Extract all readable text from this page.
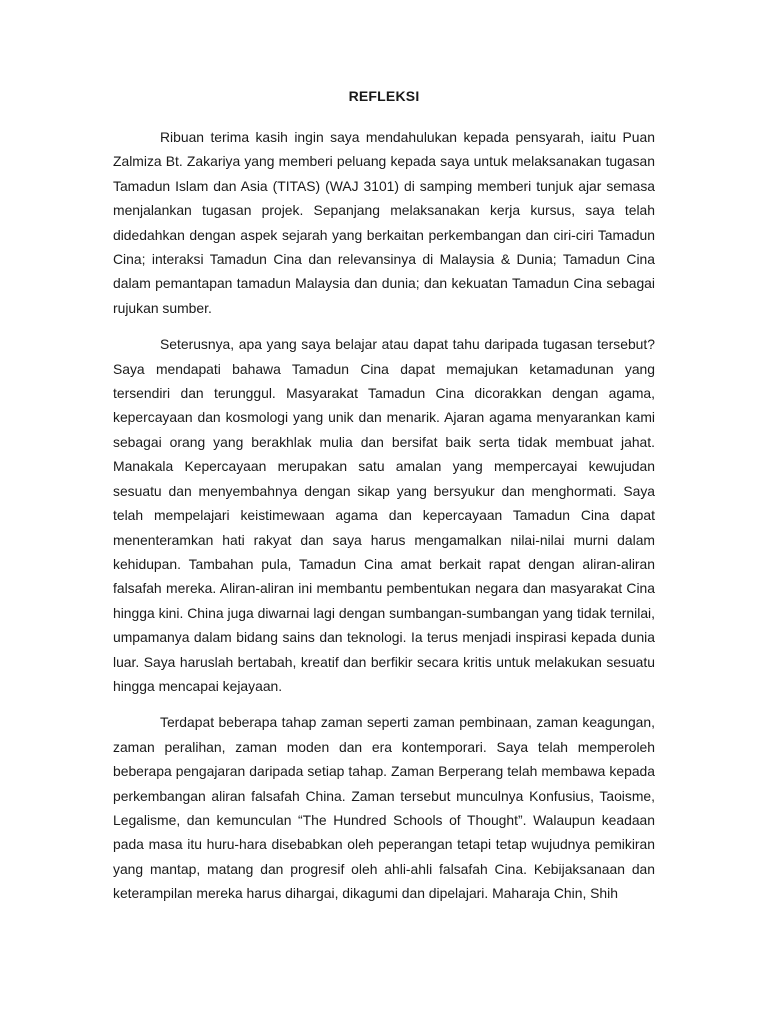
REFLEKSI

Ribuan terima kasih ingin saya mendahulukan kepada pensyarah, iaitu Puan Zalmiza Bt. Zakariya yang memberi peluang kepada saya untuk melaksanakan tugasan Tamadun Islam dan Asia (TITAS) (WAJ 3101) di samping memberi tunjuk ajar semasa menjalankan tugasan projek. Sepanjang melaksanakan kerja kursus, saya telah didedahkan dengan aspek sejarah yang berkaitan perkembangan dan ciri-ciri Tamadun Cina; interaksi Tamadun Cina dan relevansinya di Malaysia & Dunia; Tamadun Cina dalam pemantapan tamadun Malaysia dan dunia; dan kekuatan Tamadun Cina sebagai rujukan sumber.

Seterusnya, apa yang saya belajar atau dapat tahu daripada tugasan tersebut? Saya mendapati bahawa Tamadun Cina dapat memajukan ketamadunan yang tersendiri dan terunggul. Masyarakat Tamadun Cina dicorakkan dengan agama, kepercayaan dan kosmologi yang unik dan menarik. Ajaran agama menyarankan kami sebagai orang yang berakhlak mulia dan bersifat baik serta tidak membuat jahat. Manakala Kepercayaan merupakan satu amalan yang mempercayai kewujudan sesuatu dan menyembahnya dengan sikap yang bersyukur dan menghormati. Saya telah mempelajari keistimewaan agama dan kepercayaan Tamadun Cina dapat menenteramkan hati rakyat dan saya harus mengamalkan nilai-nilai murni dalam kehidupan. Tambahan pula, Tamadun Cina amat berkait rapat dengan aliran-aliran falsafah mereka. Aliran-aliran ini membantu pembentukan negara dan masyarakat Cina hingga kini. China juga diwarnai lagi dengan sumbangan-sumbangan yang tidak ternilai, umpamanya dalam bidang sains dan teknologi. Ia terus menjadi inspirasi kepada dunia luar. Saya haruslah bertabah, kreatif dan berfikir secara kritis untuk melakukan sesuatu hingga mencapai kejayaan.

Terdapat beberapa tahap zaman seperti zaman pembinaan, zaman keagungan, zaman peralihan, zaman moden dan era kontemporari. Saya telah memperoleh beberapa pengajaran daripada setiap tahap. Zaman Berperang telah membawa kepada perkembangan aliran falsafah China. Zaman tersebut munculnya Konfusius, Taoisme, Legalisme, dan kemunculan “The Hundred Schools of Thought”. Walaupun keadaan pada masa itu huru-hara disebabkan oleh peperangan tetapi tetap wujudnya pemikiran yang mantap, matang dan progresif oleh ahli-ahli falsafah Cina. Kebijaksanaan dan keterampilan mereka harus dihargai, dikagumi dan dipelajari. Maharaja Chin, Shih
